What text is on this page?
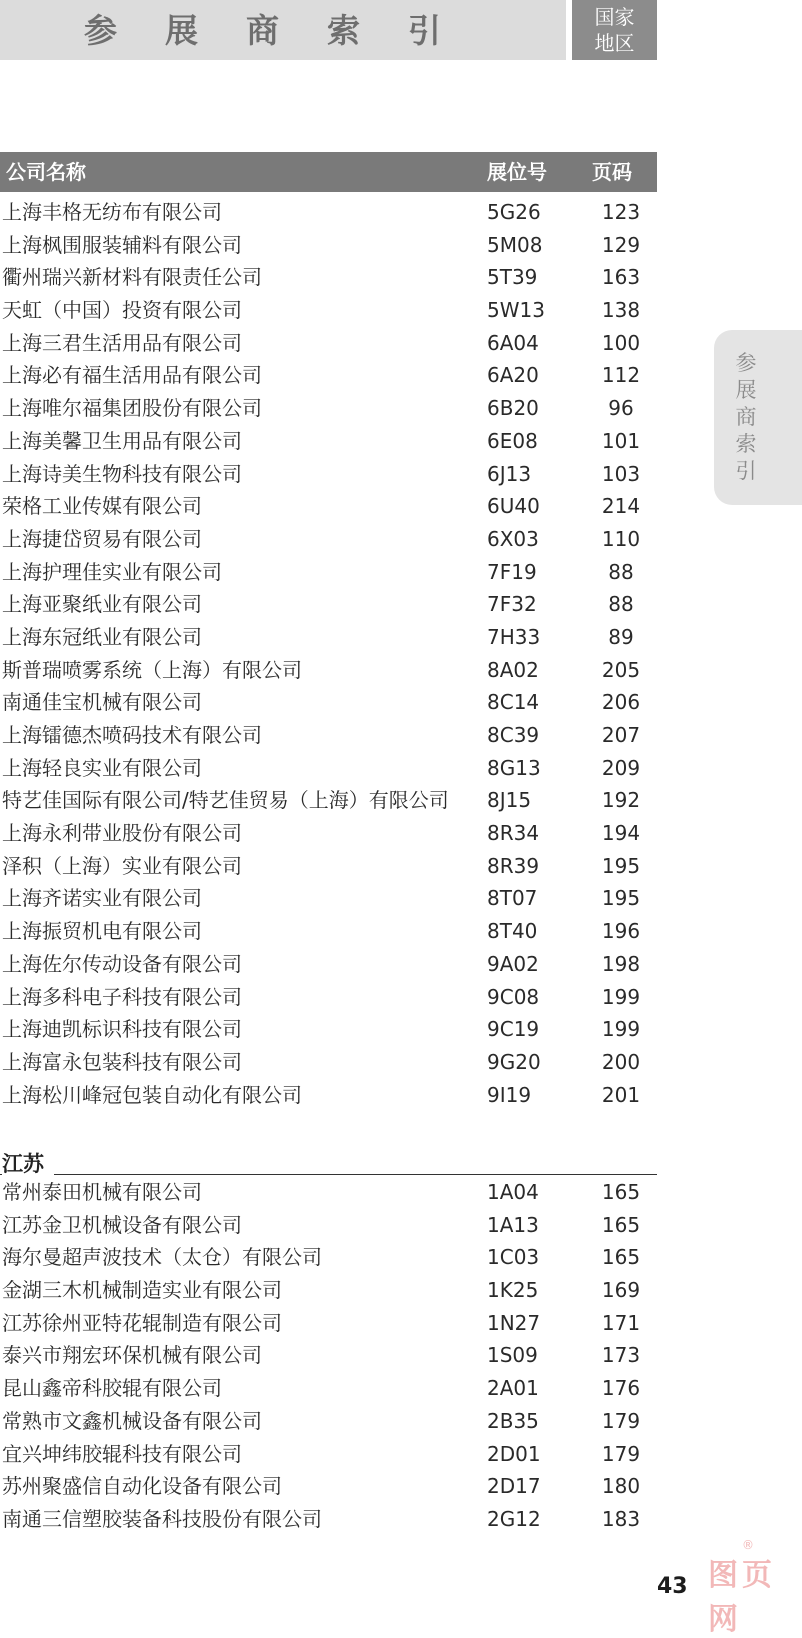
参展商索引	国家
地区
参展商索引
公司名称	展位号 页码
上海丰格无纺布有限公司	5G26	123
上海枫围服装辅料有限公司	5M08	129
衢州瑞兴新材料有限责任公司	5T39	163
天虹（中国）投资有限公司	5W13	138
上海三君生活用品有限公司	6A04	100
上海必有福生活用品有限公司	6A20	112
上海唯尔福集团股份有限公司	6B20	96
上海美馨卫生用品有限公司	6E08	101
上海诗美生物科技有限公司	6J13	103
荣格工业传媒有限公司	6U40	214
上海捷岱贸易有限公司	6X03	110
上海护理佳实业有限公司	7F19	88
上海亚聚纸业有限公司	7F32	88
上海东冠纸业有限公司	7H33	89
斯普瑞喷雾系统（上海）有限公司	8A02	205
南通佳宝机械有限公司	8C14	206
上海镭德杰喷码技术有限公司	8C39	207
上海轻良实业有限公司	8G13	209
特艺佳国际有限公司/特艺佳贸易（上海）有限公司 8J15	192
上海永利带业股份有限公司	8R34	194
泽积（上海）实业有限公司	8R39	195
上海齐诺实业有限公司	8T07	195
上海振贸机电有限公司	8T40	196
上海佐尔传动设备有限公司	9A02	198
上海多科电子科技有限公司	9C08	199
上海迪凯标识科技有限公司	9C19	199
上海富永包装科技有限公司	9G20	200
上海松川峰冠包装自动化有限公司	9I19	201
江苏
常州泰田机械有限公司	1A04	165
江苏金卫机械设备有限公司	1A13	165
海尔曼超声波技术（太仓）有限公司	1C03	165
金湖三木机械制造实业有限公司	1K25	169
江苏徐州亚特花辊制造有限公司	1N27	171
泰兴市翔宏环保机械有限公司	1S09	173
昆山鑫帝科胶辊有限公司	2A01	176
常熟市文鑫机械设备有限公司	2B35	179
宜兴坤纬胶辊科技有限公司	2D01	179
苏州聚盛信自动化设备有限公司	2D17	180
南通三信塑胶装备科技股份有限公司	2G12	183
图页网
®
43
